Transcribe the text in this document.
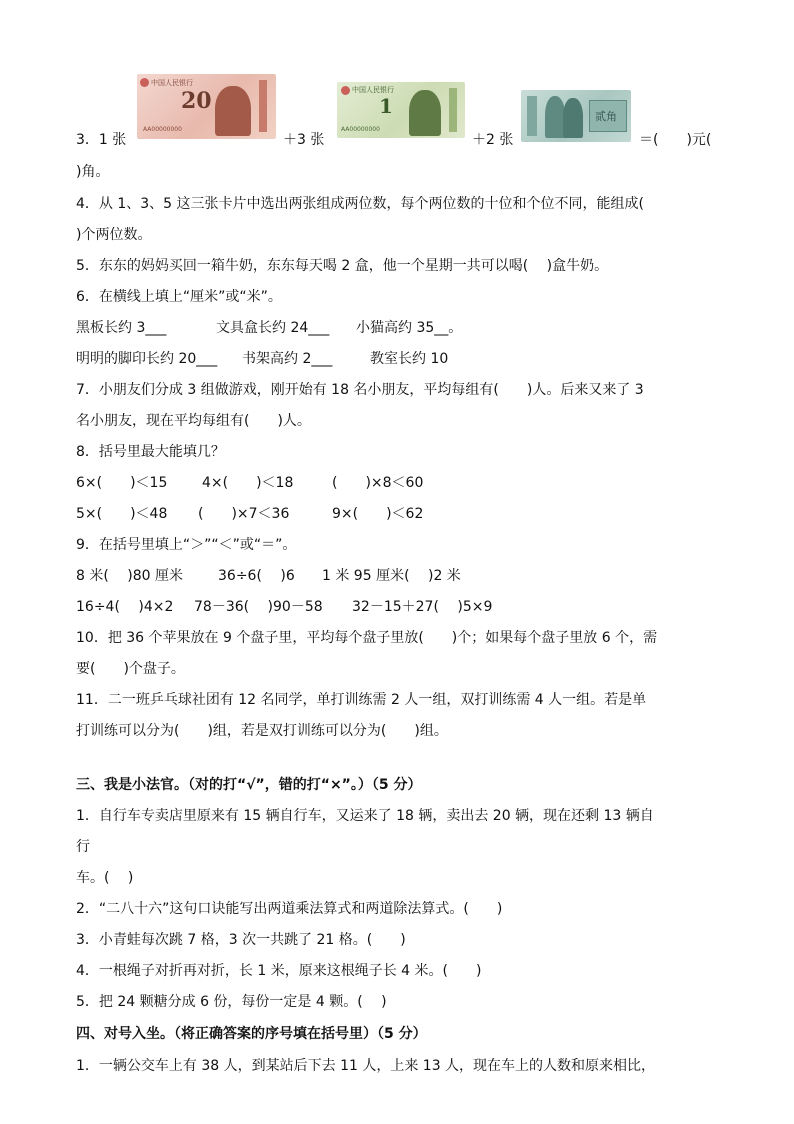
中国人民银行
20
AA00000000
中国人民银行
1
AA00000000
贰角
3．1 张	＋3 张	＋2 张	＝(　　)元(
)角。
4．从 1、3、5 这三张卡片中选出两张组成两位数，每个两位数的十位和个位不同，能组成(
)个两位数。
5．东东的妈妈买回一箱牛奶，东东每天喝 2 盒，他一个星期一共可以喝(　 )盒牛奶。
6．在横线上填上“厘米”或“米”。
黑板长约 3___	文具盒长约 24___ 小猫高约 35__。
明明的脚印长约 20___ 书架高约 2___	教室长约 10
7．小朋友们分成 3 组做游戏，刚开始有 18 名小朋友，平均每组有(　　)人。后来又来了 3
名小朋友，现在平均每组有(　　)人。
8．括号里最大能填几？
6×(　　)＜15 4×(　　)＜18	(　　)×8＜60
5×(　　)＜48 (　　)×7＜36	9×(　　)＜62
9．在括号里填上“＞”“＜”或“＝”。
8 米(　 )80 厘米	36÷6(　 )6 1 米 95 厘米(　 )2 米
16÷4(　 )4×2 78－36(　 )90－58 32－15＋27(　 )5×9
10．把 36 个苹果放在 9 个盘子里，平均每个盘子里放(　　)个；如果每个盘子里放 6 个，需
要(　　)个盘子。
11．二一班乒乓球社团有 12 名同学，单打训练需 2 人一组，双打训练需 4 人一组。若是单
打训练可以分为(　　)组，若是双打训练可以分为(　　)组。
三、我是小法官。（对的打“√”，错的打“×”。）（5 分）
1．自行车专卖店里原来有 15 辆自行车，又运来了 18 辆，卖出去 20 辆，现在还剩 13 辆自
行
车。(　 )
2．“二八十六”这句口诀能写出两道乘法算式和两道除法算式。(　　)
3．小青蛙每次跳 7 格，3 次一共跳了 21 格。(　　)
4．一根绳子对折再对折，长 1 米，原来这根绳子长 4 米。(　　)
5．把 24 颗糖分成 6 份，每份一定是 4 颗。(　 )
四、对号入坐。（将正确答案的序号填在括号里）（5 分）
1．一辆公交车上有 38 人，到某站后下去 11 人，上来 13 人，现在车上的人数和原来相比，
